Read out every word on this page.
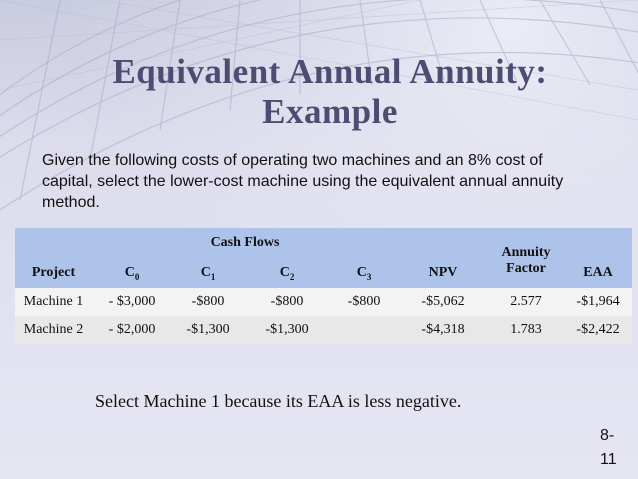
Equivalent Annual Annuity:
Example
Given the following costs of operating two machines and an 8% cost of capital, select the lower-cost machine using the equivalent annual annuity method.
	Cash Flows					Annuity
Factor	

Project	$C_0$	$C_1$	$C_2$	$C_3$	NPV		EAA
Machine 1	- $3,000	-$800	-$800	-$800	-$5,062	2.577	-$1,964
Machine 2	- $2,000	-$1,300	-$1,300		-$4,318	1.783	-$2,422
Select Machine 1 because its EAA is less negative.
8-
11
